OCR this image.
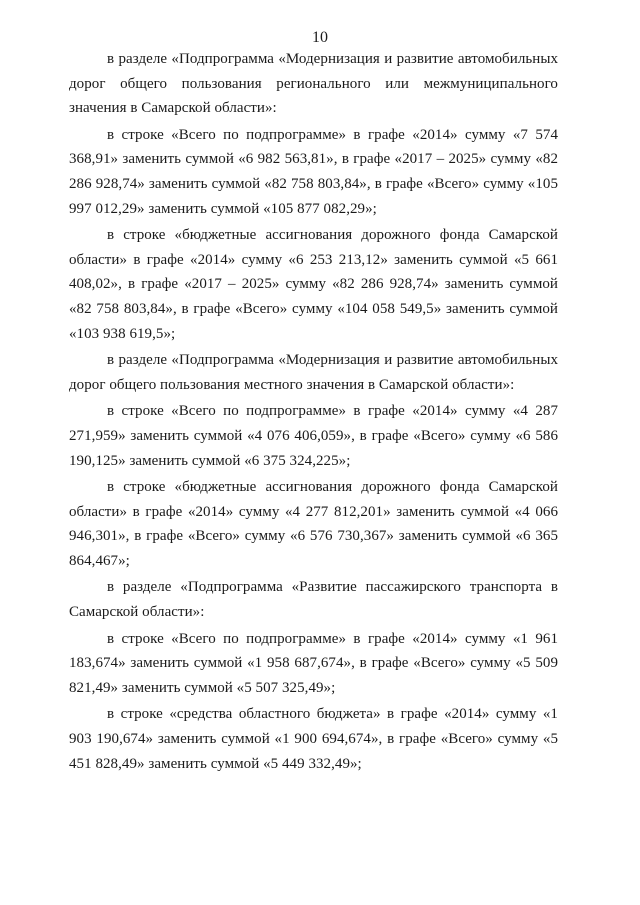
10

в разделе «Подпрограмма «Модернизация и развитие автомобильных дорог общего пользования регионального или межмуниципального значения в Самарской области»:

в строке «Всего по подпрограмме» в графе «2014» сумму «7 574 368,91» заменить суммой «6 982 563,81», в графе «2017 – 2025» сумму «82 286 928,74» заменить суммой «82 758 803,84», в графе «Всего» сумму «105 997 012,29» заменить суммой «105 877 082,29»;

в строке «бюджетные ассигнования дорожного фонда Самарской области» в графе «2014» сумму «6 253 213,12» заменить суммой «5 661 408,02», в графе «2017 – 2025» сумму «82 286 928,74» заменить суммой «82 758 803,84», в графе «Всего» сумму «104 058 549,5» заменить суммой «103 938 619,5»;

в разделе «Подпрограмма «Модернизация и развитие автомобильных дорог общего пользования местного значения в Самарской области»:

в строке «Всего по подпрограмме» в графе «2014» сумму «4 287 271,959» заменить суммой «4 076 406,059», в графе «Всего» сумму «6 586 190,125» заменить суммой «6 375 324,225»;

в строке «бюджетные ассигнования дорожного фонда Самарской области» в графе «2014» сумму «4 277 812,201» заменить суммой «4 066 946,301», в графе «Всего» сумму «6 576 730,367» заменить суммой «6 365 864,467»;

в разделе «Подпрограмма «Развитие пассажирского транспорта в Самарской области»:

в строке «Всего по подпрограмме» в графе «2014» сумму «1 961 183,674» заменить суммой «1 958 687,674», в графе «Всего» сумму «5 509 821,49» заменить суммой «5 507 325,49»;

в строке «средства областного бюджета» в графе «2014» сумму «1 903 190,674» заменить суммой «1 900 694,674», в графе «Всего» сумму «5 451 828,49» заменить суммой «5 449 332,49»;
